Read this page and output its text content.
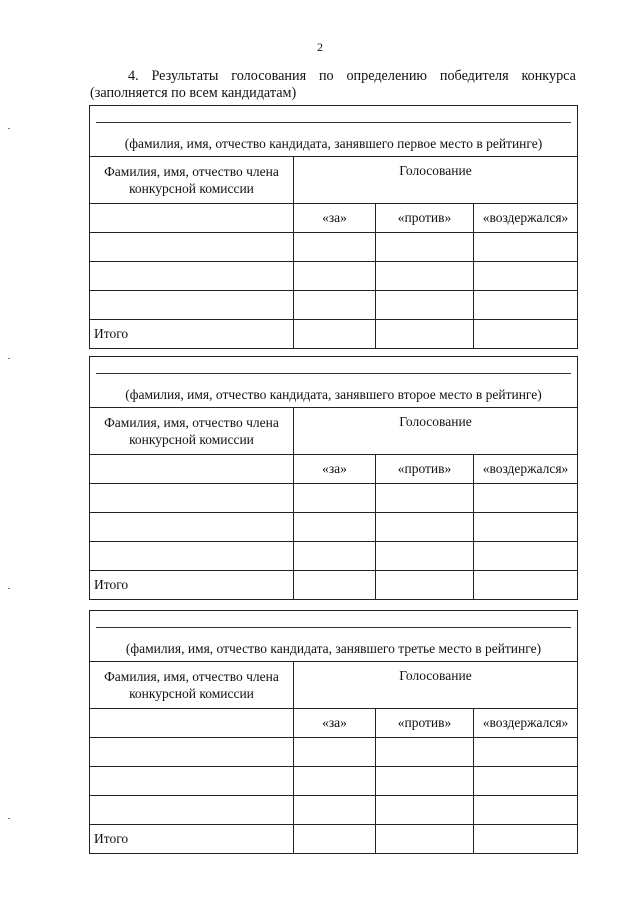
2
4. Результаты голосования по определению победителя конкурса
(заполняется по всем кандидатам)
(фамилия, имя, отчество кандидата, занявшего первое место в рейтинге)			

Фамилия, имя, отчество члена конкурсной комиссии	Голосование		
	«за»	«против»	«воздержался»

Итого			
(фамилия, имя, отчество кандидата, занявшего второе место в рейтинге)			

Фамилия, имя, отчество члена конкурсной комиссии	Голосование		
	«за»	«против»	«воздержался»

Итого			
(фамилия, имя, отчество кандидата, занявшего третье место в рейтинге)			

Фамилия, имя, отчество члена конкурсной комиссии	Голосование		
	«за»	«против»	«воздержался»

Итого			
